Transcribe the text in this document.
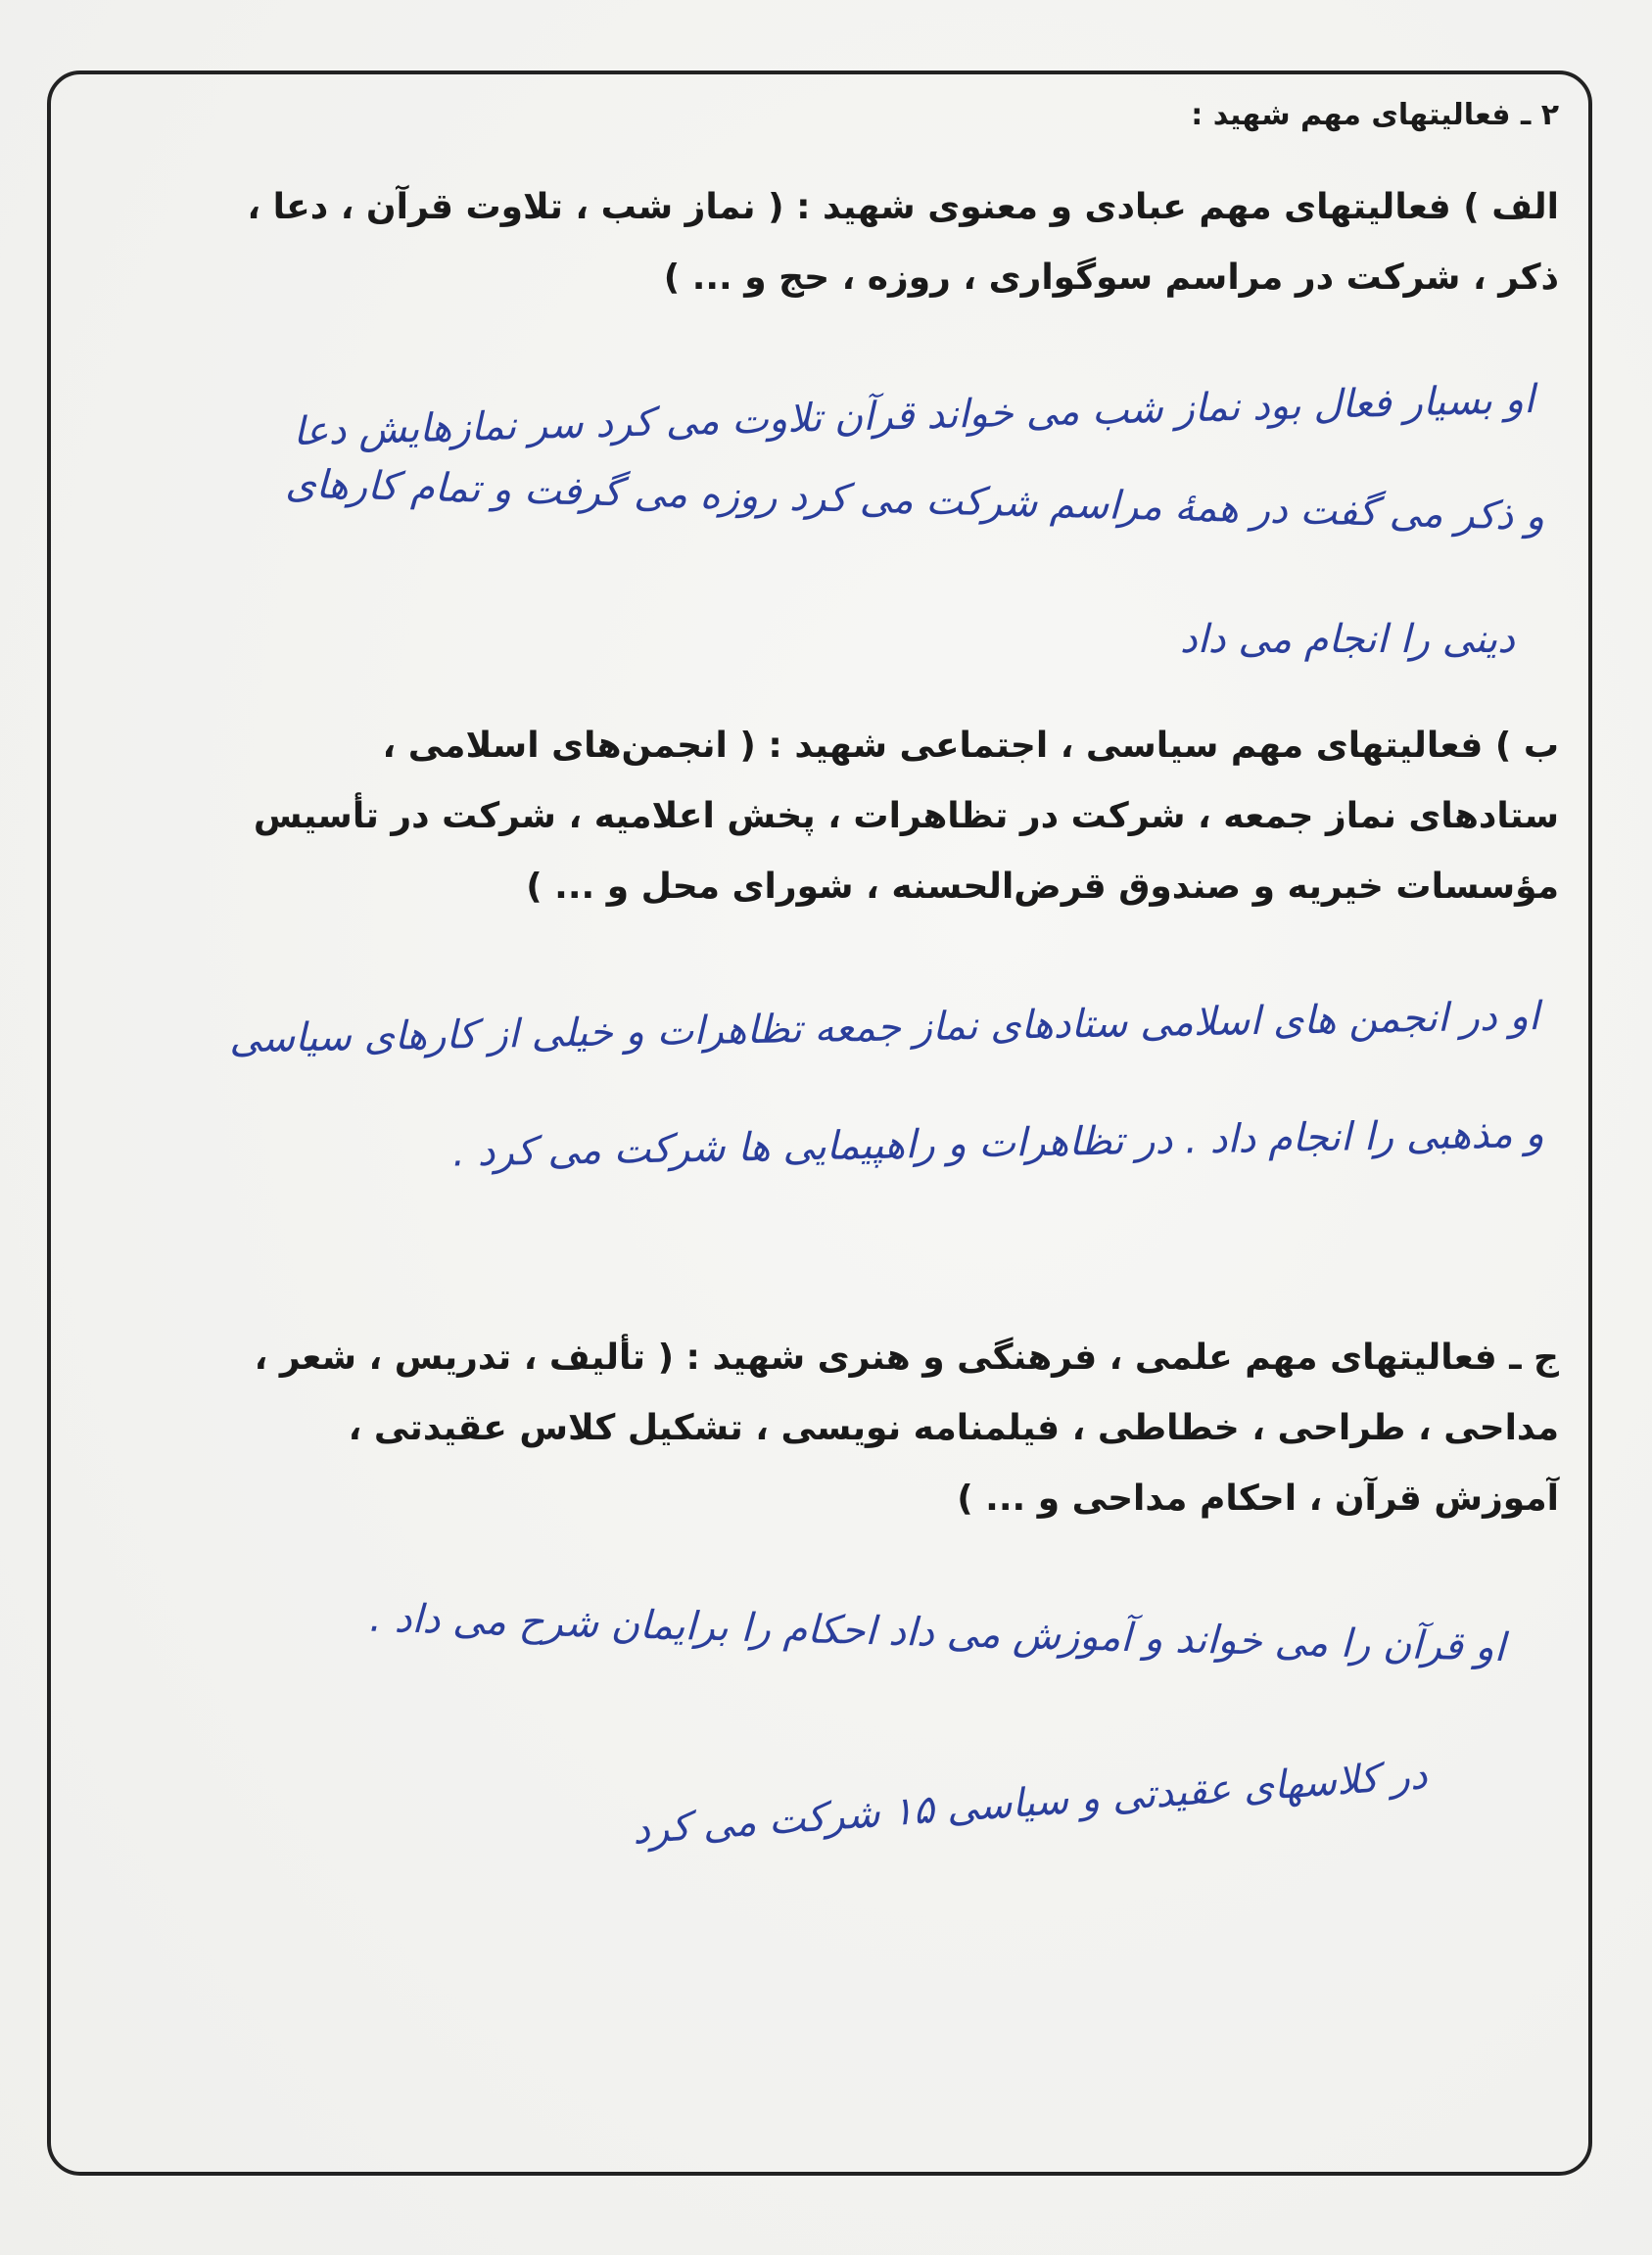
۲ ـ فعالیتهای مهم شهید :
الف ) فعالیتهای مهم عبادی و معنوی شهید : ( نماز شب ، تلاوت قرآن ، دعا ،
ذکر ، شرکت در مراسم سوگواری ، روزه ، حج و ... )
او بسیار فعال بود نماز شب می خواند قرآن تلاوت می کرد سر نمازهایش دعا
و ذکر می گفت در همهٔ مراسم شرکت می کرد روزه می گرفت و تمام کارهای
دینی را انجام می داد
ب ) فعالیتهای مهم سیاسی ، اجتماعی شهید : ( انجمن‌های اسلامی ،
ستادهای نماز جمعه ، شرکت در تظاهرات ، پخش اعلامیه ، شرکت در تأسیس
مؤسسات خیریه و صندوق قرض‌الحسنه ، شورای محل و ... )
او در انجمن های اسلامی ستادهای نماز جمعه تظاهرات و خیلی از کارهای سیاسی
و مذهبی را انجام داد . در تظاهرات و راهپیمایی ها شرکت می کرد .
ج ـ فعالیتهای مهم علمی ، فرهنگی و هنری شهید : ( تألیف ، تدریس ، شعر ،
مداحی ، طراحی ، خطاطی ، فیلمنامه نویسی ، تشکیل کلاس عقیدتی ،
آموزش قرآن ، احکام مداحی و ... )
او قرآن را می خواند و آموزش می داد احکام را برایمان شرح می داد .
در کلاسهای عقیدتی و سیاسی ۱۵ شرکت می کرد
